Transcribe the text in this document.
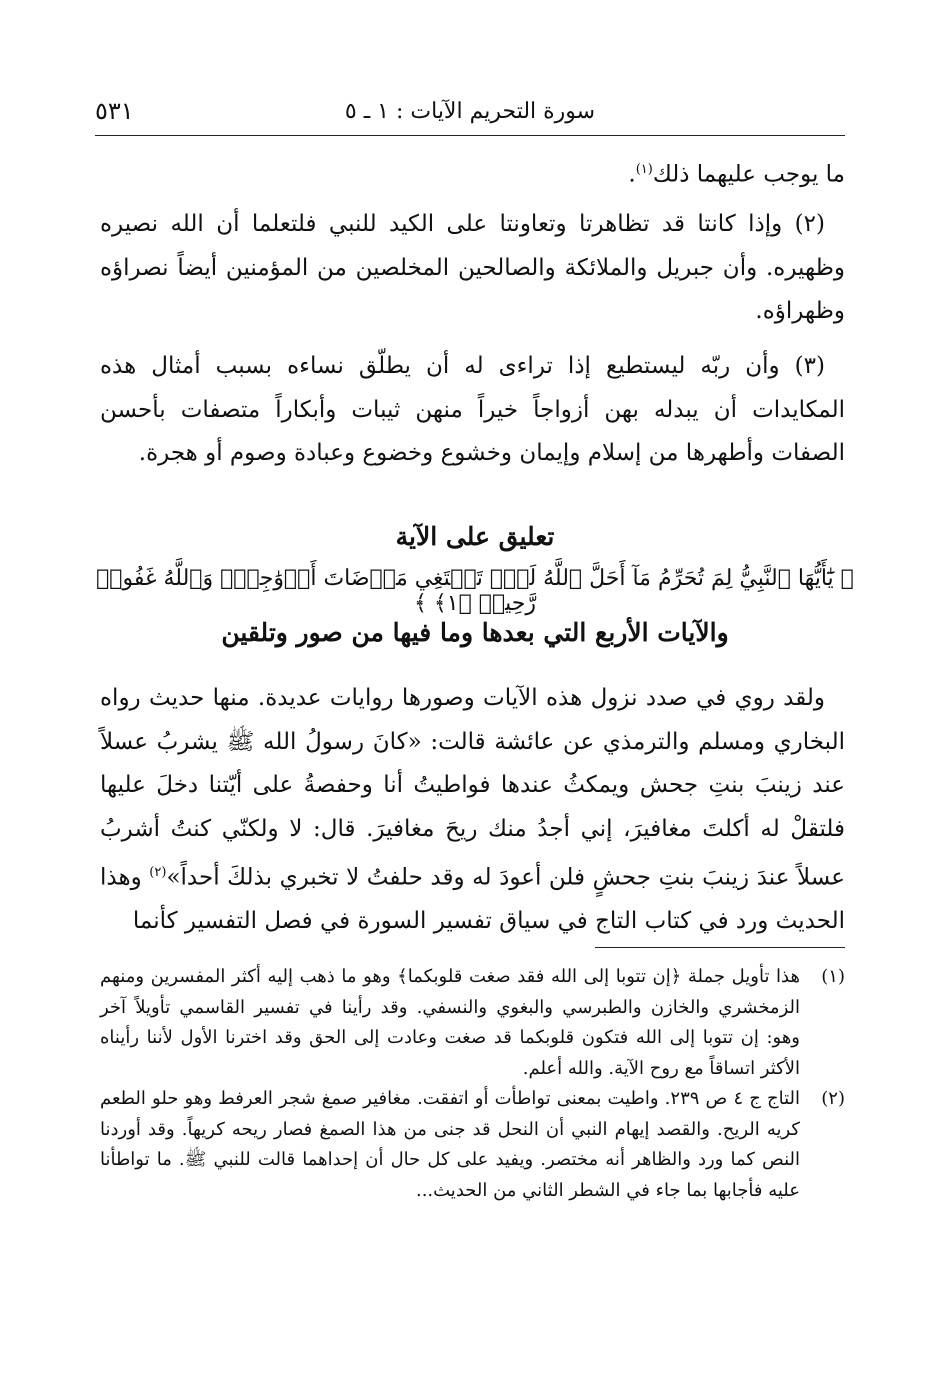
سورة التحريم الآيات : ١ ـ ٥
٥٣١

ما يوجب عليهما ذلك$^{(١)}$.

(٢) وإذا كانتا قد تظاهرتا وتعاونتا على الكيد للنبي فلتعلما أن الله نصيره وظهيره. وأن جبريل والملائكة والصالحين المخلصين من المؤمنين أيضاً نصراؤه وظهراؤه.

(٣) وأن ربّه ليستطيع إذا تراءى له أن يطلّق نساءه بسبب أمثال هذه المكايدات أن يبدله بهن أزواجاً خيراً منهن ثيبات وأبكاراً متصفات بأحسن الصفات وأطهرها من إسلام وإيمان وخشوع وخضوع وعبادة وصوم أو هجرة.

تعليق على الآية
﴿ يَٰٓأَيُّهَا ٱلنَّبِيُّ لِمَ تُحَرِّمُ مَآ أَحَلَّ ٱللَّهُ لَكَۖ تَبۡتَغِي مَرۡضَاتَ أَزۡوَٰجِكَۚ وَٱللَّهُ غَفُورٞ رَّحِيمٞ ﴿١﴾ ﴾
والآيات الأربع التي بعدها وما فيها من صور وتلقين

ولقد روي في صدد نزول هذه الآيات وصورها روايات عديدة. منها حديث رواه البخاري ومسلم والترمذي عن عائشة قالت: «كانَ رسولُ الله ﷺ يشربُ عسلاً عند زينبَ بنتِ جحش ويمكثُ عندها فواطيتُ أنا وحفصةُ على أيّتنا دخلَ عليها فلتقلْ له أكلتَ مغافيرَ، إني أجدُ منك ريحَ مغافيرَ. قال: لا ولكنّي كنتُ أشربُ عسلاً عندَ زينبَ بنتِ جحشٍ فلن أعودَ له وقد حلفتُ لا تخبري بذلكَ أحداً»$^{(٢)}$ وهذا الحديث ورد في كتاب التاج في سياق تفسير السورة في فصل التفسير كأنما

(١)
هذا تأويل جملة ﴿إن تتوبا إلى الله فقد صغت قلوبكما﴾ وهو ما ذهب إليه أكثر المفسرين ومنهم الزمخشري والخازن والطبرسي والبغوي والنسفي. وقد رأينا في تفسير القاسمي تأويلاً آخر وهو: إن تتوبا إلى الله فتكون قلوبكما قد صغت وعادت إلى الحق وقد اخترنا الأول لأننا رأيناه الأكثر اتساقاً مع روح الآية. والله أعلم.
(٢)
التاج ج ٤ ص ٢٣٩. واطيت بمعنى تواطأت أو اتفقت. مغافير صمغ شجر العرفط وهو حلو الطعم كريه الريح. والقصد إيهام النبي أن النحل قد جنى من هذا الصمغ فصار ريحه كريهاً. وقد أوردنا النص كما ورد والظاهر أنه مختصر. ويفيد على كل حال أن إحداهما قالت للنبي ﷺ. ما تواطأنا عليه فأجابها بما جاء في الشطر الثاني من الحديث...
